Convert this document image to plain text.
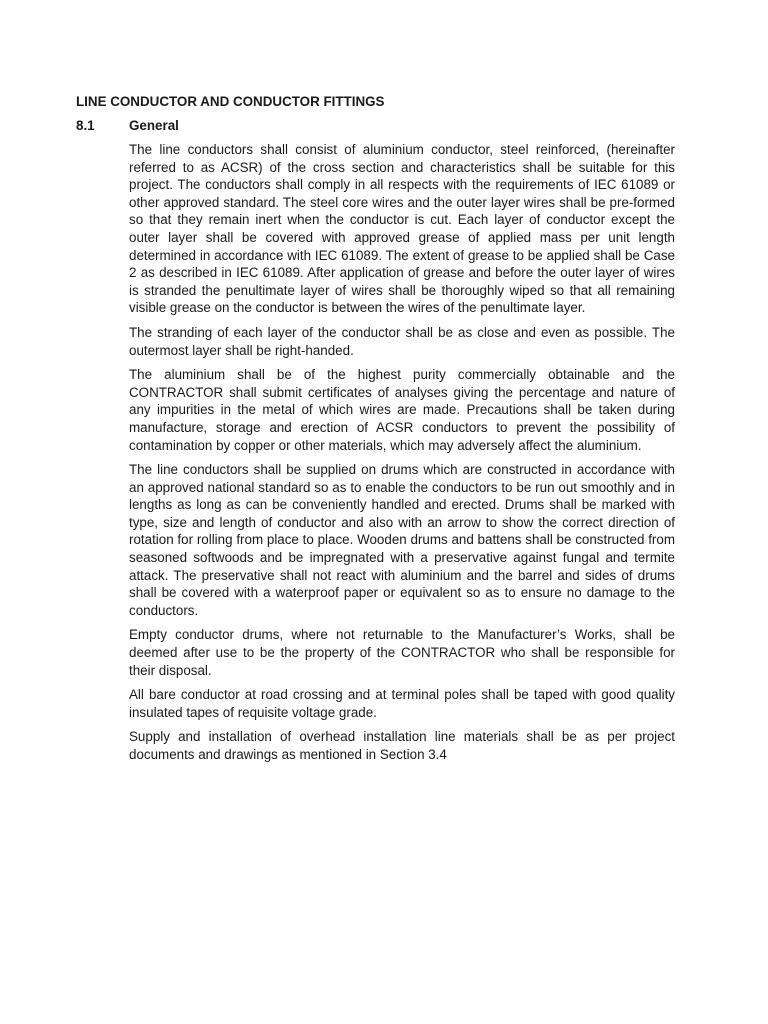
LINE CONDUCTOR AND CONDUCTOR FITTINGS
8.1	General

The line conductors shall consist of aluminium conductor, steel reinforced, (hereinafter referred to as ACSR) of the cross section and characteristics shall be suitable for this project. The conductors shall comply in all respects with the requirements of IEC 61089 or other approved standard. The steel core wires and the outer layer wires shall be pre-formed so that they remain inert when the conductor is cut. Each layer of conductor except the outer layer shall be covered with approved grease of applied mass per unit length determined in accordance with IEC 61089. The extent of grease to be applied shall be Case 2 as described in IEC 61089. After application of grease and before the outer layer of wires is stranded the penultimate layer of wires shall be thoroughly wiped so that all remaining visible grease on the conductor is between the wires of the penultimate layer.

The stranding of each layer of the conductor shall be as close and even as possible. The outermost layer shall be right-handed.

The aluminium shall be of the highest purity commercially obtainable and the CONTRACTOR shall submit certificates of analyses giving the percentage and nature of any impurities in the metal of which wires are made. Precautions shall be taken during manufacture, storage and erection of ACSR conductors to prevent the possibility of contamination by copper or other materials, which may adversely affect the aluminium.

The line conductors shall be supplied on drums which are constructed in accordance with an approved national standard so as to enable the conductors to be run out smoothly and in lengths as long as can be conveniently handled and erected. Drums shall be marked with type, size and length of conductor and also with an arrow to show the correct direction of rotation for rolling from place to place. Wooden drums and battens shall be constructed from seasoned softwoods and be impregnated with a preservative against fungal and termite attack. The preservative shall not react with aluminium and the barrel and sides of drums shall be covered with a waterproof paper or equivalent so as to ensure no damage to the conductors.

Empty conductor drums, where not returnable to the Manufacturer’s Works, shall be deemed after use to be the property of the CONTRACTOR who shall be responsible for their disposal.

All bare conductor at road crossing and at terminal poles shall be taped with good quality insulated tapes of requisite voltage grade.

Supply and installation of overhead installation line materials shall be as per project documents and drawings as mentioned in Section 3.4
